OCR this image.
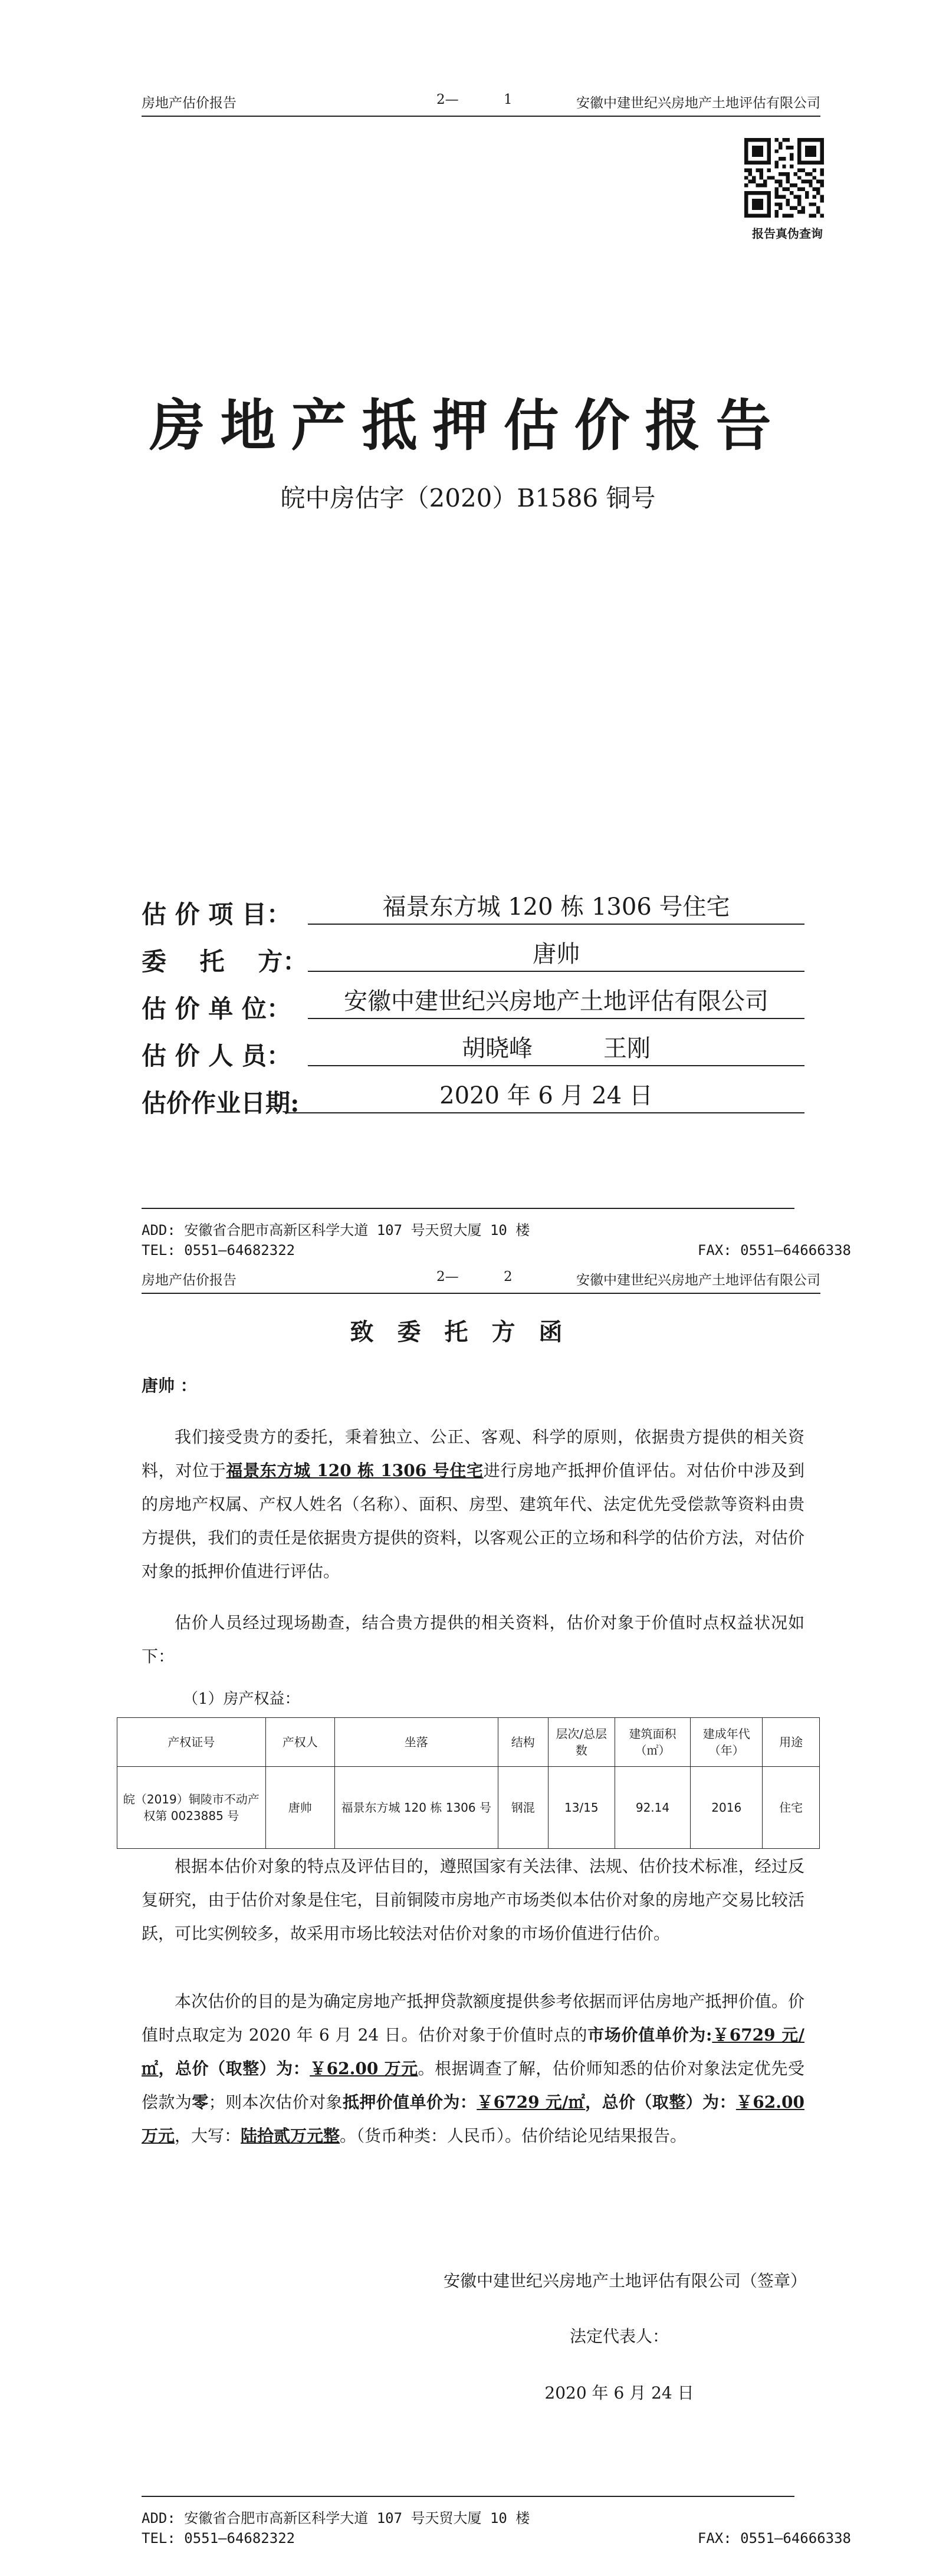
房地产估价报告	2—	1	安徽中建世纪兴房地产土地评估有限公司
报告真伪查询
房地产抵押估价报告
皖中房估字（2020）B1586 铜号
估 价 项 目：	福景东方城 120 栋 1306 号住宅
委　 托　 方：	唐帅
估 价 单 位：	安徽中建世纪兴房地产土地评估有限公司
估 价 人 员：	胡晓峰　　　王刚
估价作业日期:	2020 年 6 月 24 日
ADD: 安徽省合肥市高新区科学大道 107 号天贸大厦 10 楼
TEL: 0551—64682322	FAX: 0551—64666338
房地产估价报告	2—	2	安徽中建世纪兴房地产土地评估有限公司
致委托方函
唐帅 ：

我们接受贵方的委托，秉着独立、公正、客观、科学的原则，依据贵方提供的相关资料，对位于福景东方城 120 栋 1306 号住宅进行房地产抵押价值评估。对估价中涉及到的房地产权属、产权人姓名（名称）、面积、房型、建筑年代、法定优先受偿款等资料由贵方提供，我们的责任是依据贵方提供的资料，以客观公正的立场和科学的估价方法，对估价对象的抵押价值进行评估。

估价人员经过现场勘查，结合贵方提供的相关资料，估价对象于价值时点权益状况如下：

（1）房产权益：
产权证号	产权人	坐落	结构	层次/总层数	建筑面积（㎡）	建成年代（年）	用途
皖（2019）铜陵市不动产权第 0023885 号	唐帅	福景东方城 120 栋 1306 号	钢混	13/15	92.14	2016	住宅

根据本估价对象的特点及评估目的，遵照国家有关法律、法规、估价技术标准，经过反复研究，由于估价对象是住宅，目前铜陵市房地产市场类似本估价对象的房地产交易比较活跃，可比实例较多，故采用市场比较法对估价对象的市场价值进行估价。

本次估价的目的是为确定房地产抵押贷款额度提供参考依据而评估房地产抵押价值。价值时点取定为 2020 年 6 月 24 日。估价对象于价值时点的市场价值单价为:￥6729 元/㎡，总价（取整）为：￥62.00 万元。根据调查了解，估价师知悉的估价对象法定优先受偿款为零；则本次估价对象抵押价值单价为：￥6729 元/㎡，总价（取整）为：￥62.00 万元，大写：陆拾贰万元整。（货币种类：人民币）。估价结论见结果报告。

安徽中建世纪兴房地产土地评估有限公司（签章）
法定代表人：
2020 年 6 月 24 日
ADD: 安徽省合肥市高新区科学大道 107 号天贸大厦 10 楼
TEL: 0551—64682322	FAX: 0551—64666338
